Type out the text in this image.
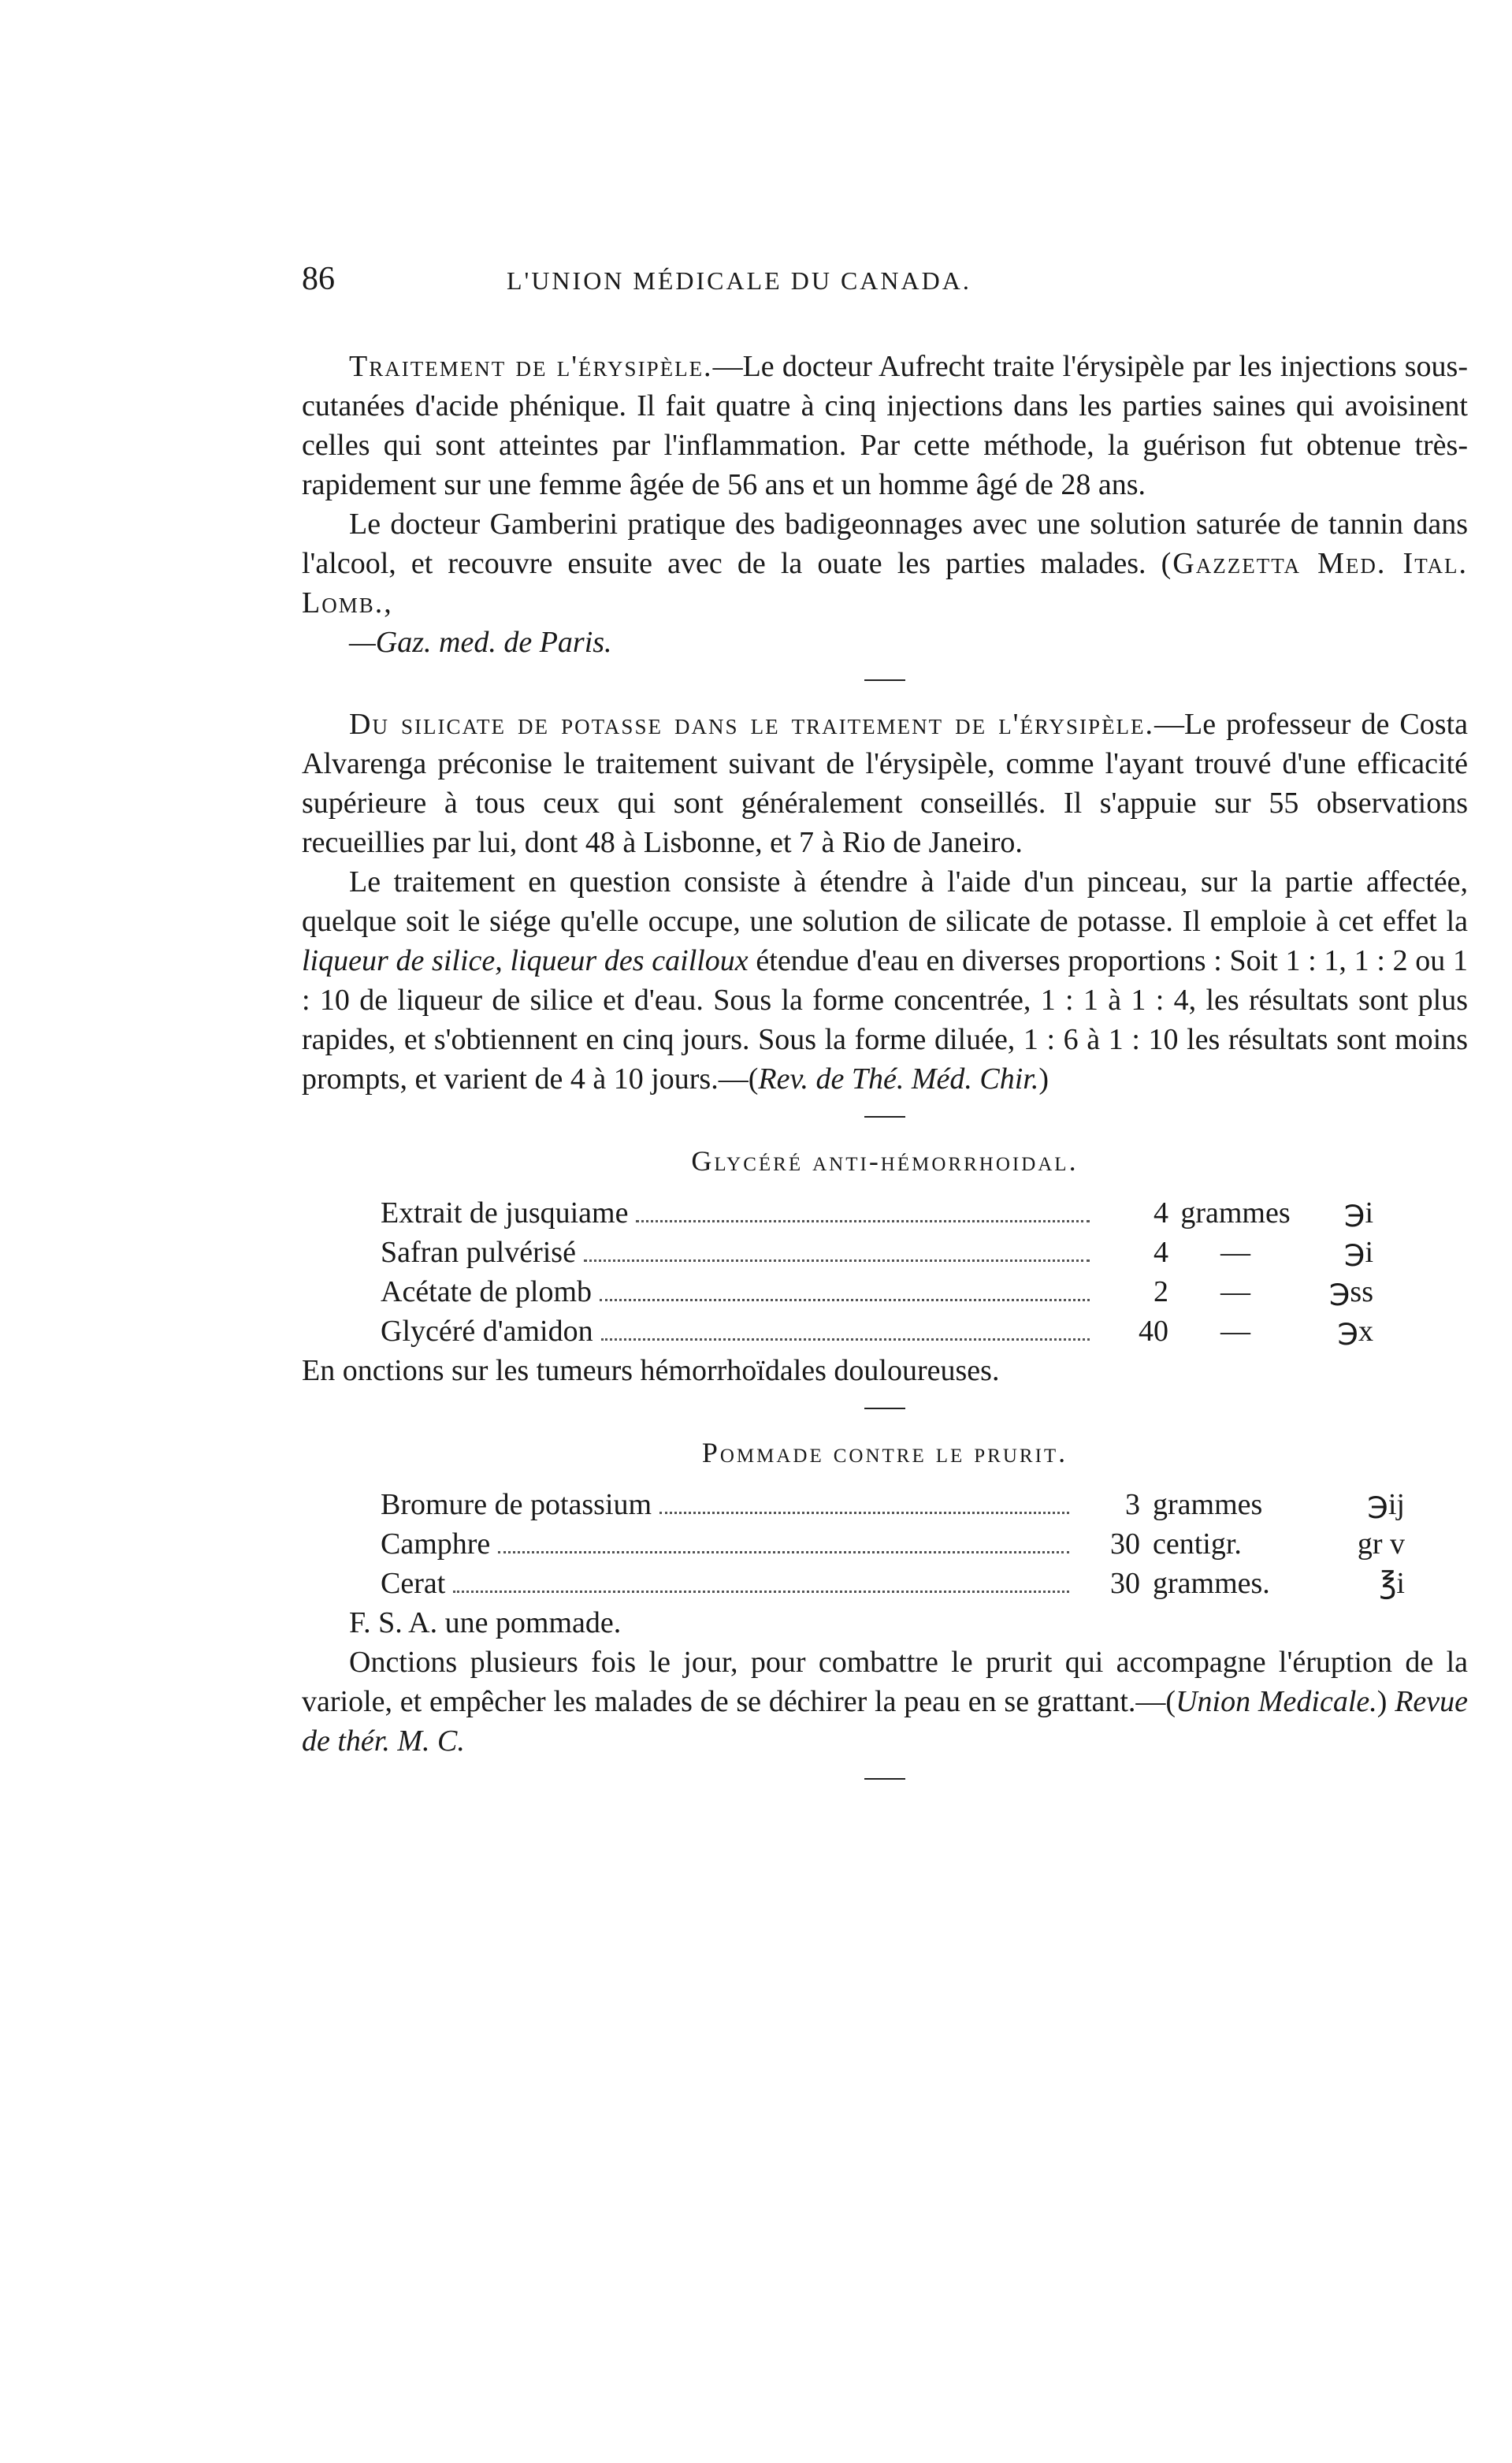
86	L'UNION MÉDICALE DU CANADA.

Traitement de l'érysipèle.—Le docteur Aufrecht traite l'érysipèle par les injections sous-cutanées d'acide phénique. Il fait quatre à cinq injections dans les parties saines qui avoisinent celles qui sont atteintes par l'inflammation. Par cette méthode, la guérison fut obtenue très-rapidement sur une femme âgée de 56 ans et un homme âgé de 28 ans.

Le docteur Gamberini pratique des badigeonnages avec une solution saturée de tannin dans l'alcool, et recouvre ensuite avec de la ouate les parties malades. (Gazzetta Med. Ital. Lomb.,

—Gaz. med. de Paris.

Du silicate de potasse dans le traitement de l'érysipèle.—Le professeur de Costa Alvarenga préconise le traitement suivant de l'érysipèle, comme l'ayant trouvé d'une efficacité supérieure à tous ceux qui sont généralement conseillés. Il s'appuie sur 55 observations recueillies par lui, dont 48 à Lisbonne, et 7 à Rio de Janeiro.

Le traitement en question consiste à étendre à l'aide d'un pinceau, sur la partie affectée, quelque soit le siége qu'elle occupe, une solution de silicate de potasse. Il emploie à cet effet la liqueur de silice, liqueur des cailloux étendue d'eau en diverses proportions : Soit 1 : 1, 1 : 2 ou 1 : 10 de liqueur de silice et d'eau. Sous la forme concentrée, 1 : 1 à 1 : 4, les résultats sont plus rapides, et s'obtiennent en cinq jours. Sous la forme diluée, 1 : 6 à 1 : 10 les résultats sont moins prompts, et varient de 4 à 10 jours.—(Rev. de Thé. Méd. Chir.)

Glycéré anti-hémorrhoidal.
Extrait de jusquiame	4 grammes	℈i
Safran pulvérisé	4	—	℈i
Acétate de plomb	2	—	℈ss
Glycéré d'amidon	40	—	℈x
En onctions sur les tumeurs hémorrhoïdales douloureuses.
Pommade contre le prurit.
Bromure de potassium	3 grammes	℈ij
Camphre	30 centigr.	gr v
Cerat	30 grammes.	℥i
F. S. A. une pommade.

Onctions plusieurs fois le jour, pour combattre le prurit qui accompagne l'éruption de la variole, et empêcher les malades de se déchirer la peau en se grattant.—(Union Medicale.) Revue de thér. M. C.
